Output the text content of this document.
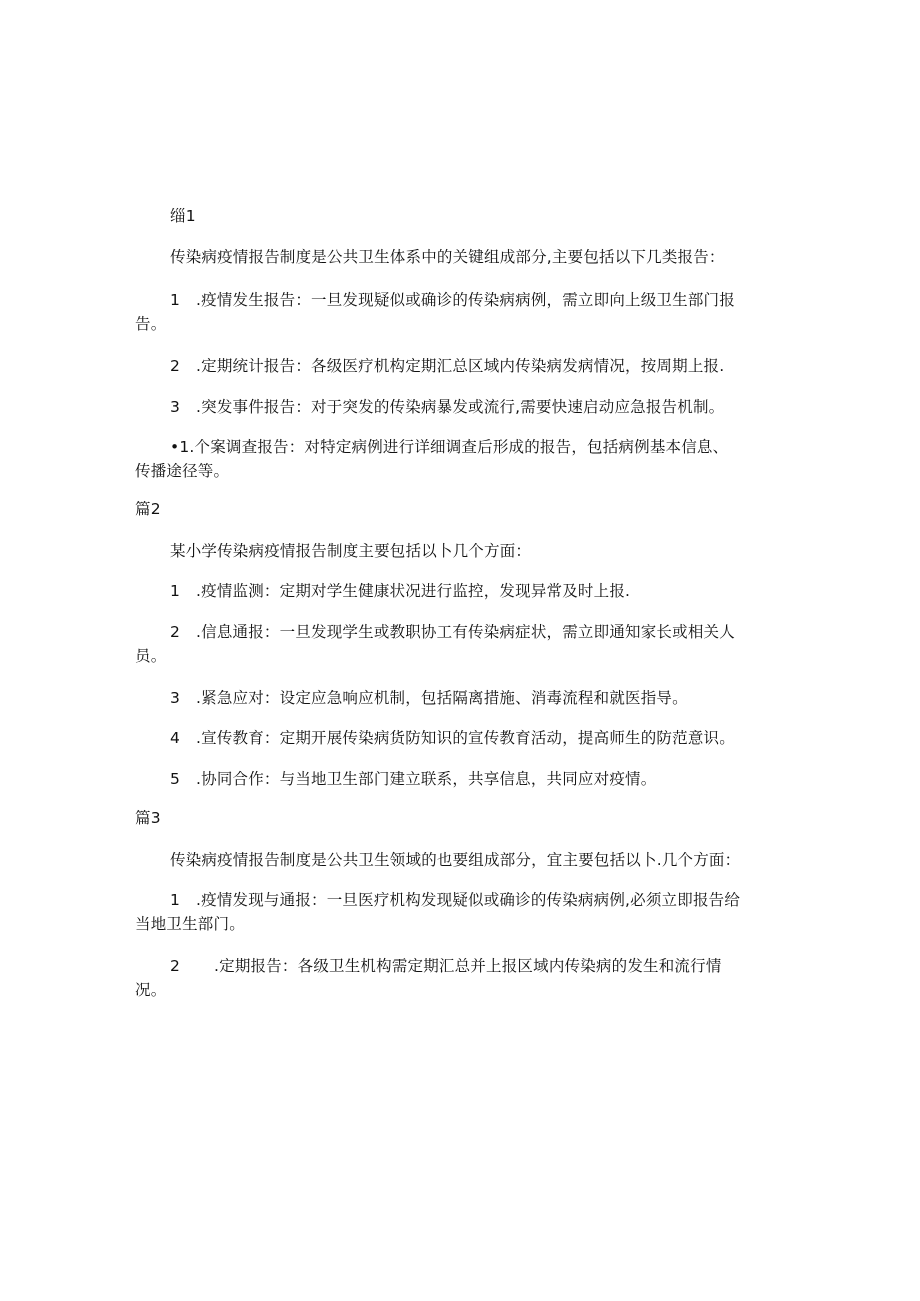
缁1
传染病疫情报告制度是公共卫生体系中的关键组成部分,主要包括以下几类报告：
1 .疫情发生报告：一旦发现疑似或确诊的传染病病例，需立即向上级卫生部门报
告。
2 .定期统计报告：各级医疗机构定期汇总区域内传染病发病情况，按周期上报.
3 .突发事件报告：对于突发的传染病暴发或流行,需要快速启动应急报告机制。
•1.个案调查报告：对特定病例进行详细调查后形成的报告，包括病例基本信息、
传播途径等。
篇2
某小学传染病疫情报告制度主要包括以卜几个方面：
1 .疫情监测：定期对学生健康状况进行监控，发现异常及时上报.
2 .信息通报：一旦发现学生或教职协工有传染病症状，需立即通知家长或相关人
员。
3 .紧急应对：设定应急响应机制，包括隔离措施、消毒流程和就医指导。
4 .宣传教育：定期开展传染病货防知识的宣传教育活动，提高师生的防范意识。
5 .协同合作：与当地卫生部门建立联系，共享信息，共同应对疫情。
篇3
传染病疫情报告制度是公共卫生领域的也要组成部分，宜主要包括以卜.几个方面：
1 .疫情发现与通报：一旦医疗机构发现疑似或确诊的传染病病例,必须立即报告给
当地卫生部门。
2 .定期报告：各级卫生机构需定期汇总并上报区域内传染病的发生和流行情
况。
